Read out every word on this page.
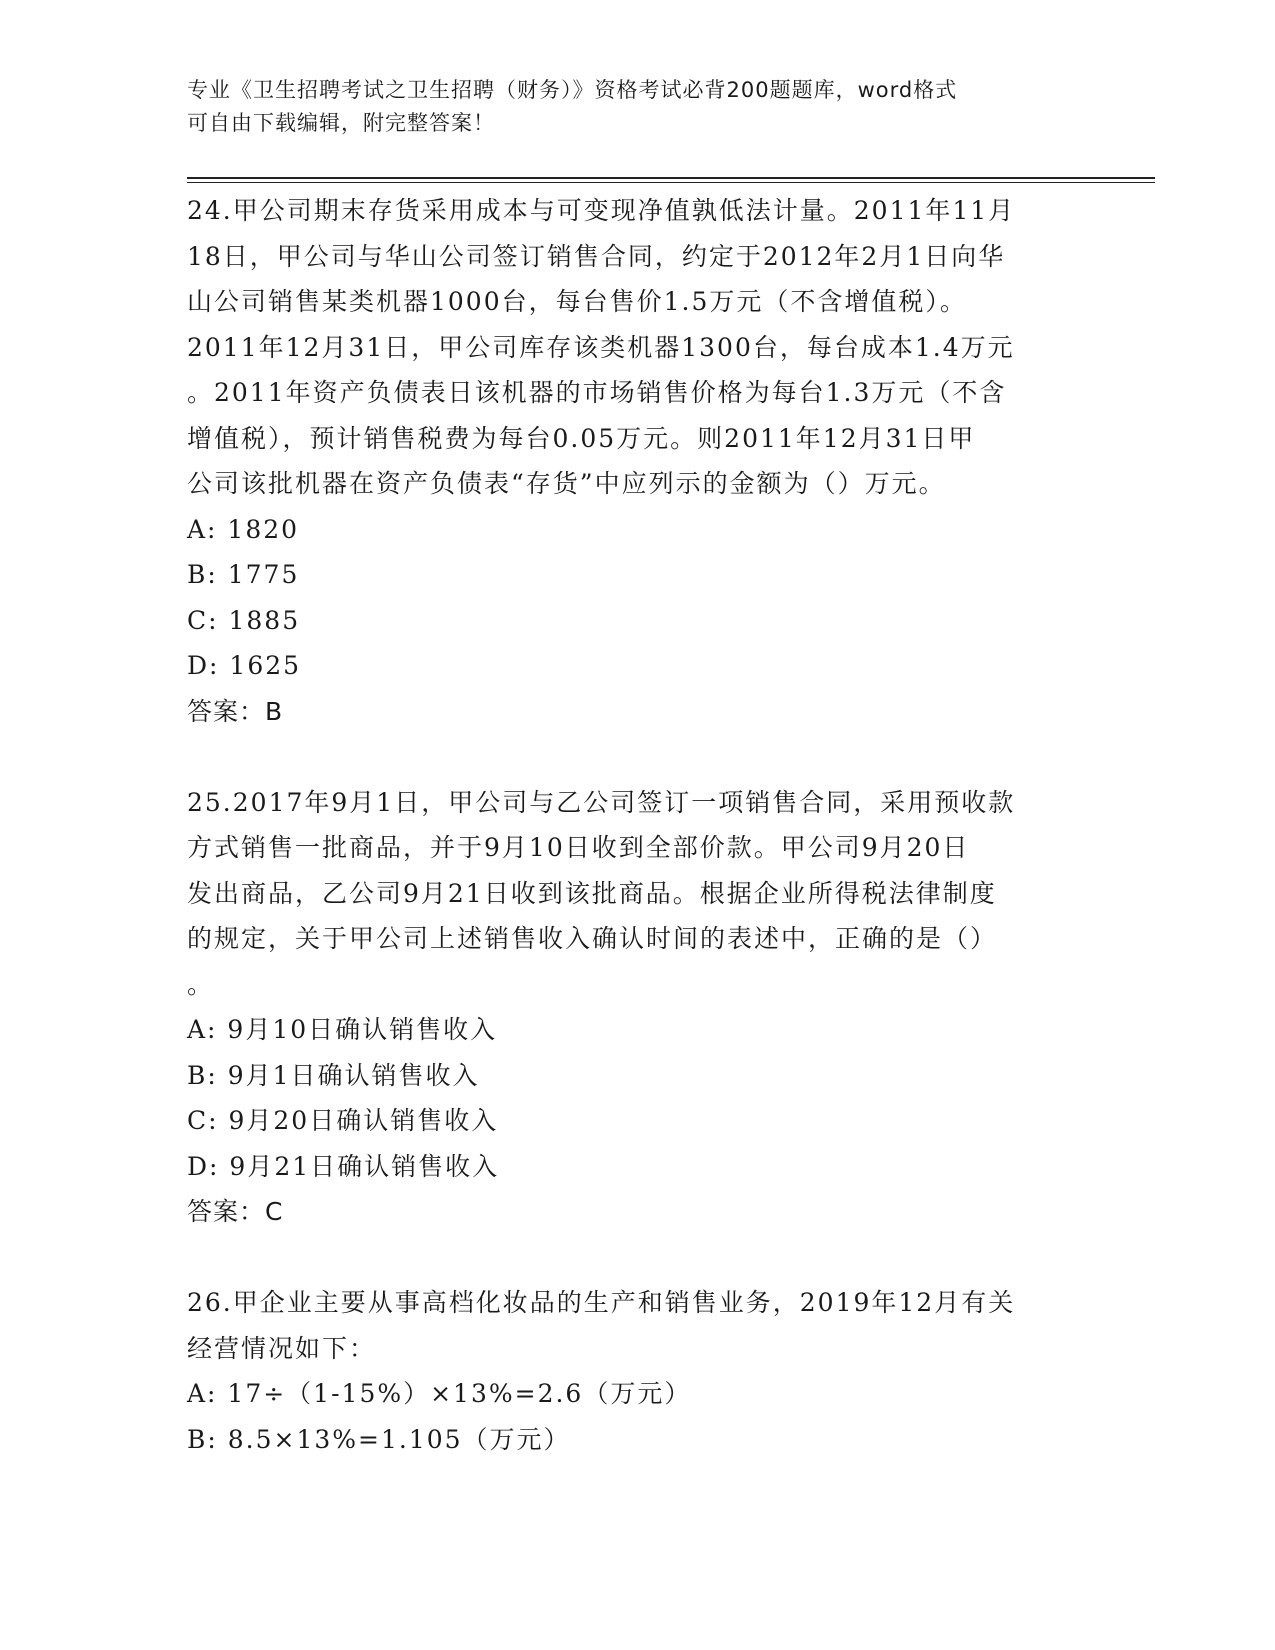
专业《卫生招聘考试之卫生招聘（财务）》资格考试必背200题题库，word格式
可自由下载编辑，附完整答案！

24.甲公司期末存货采用成本与可变现净值孰低法计量。2011年11月

18日，甲公司与华山公司签订销售合同，约定于2012年2月1日向华

山公司销售某类机器1000台，每台售价1.5万元（不含增值税）。

2011年12月31日，甲公司库存该类机器1300台，每台成本1.4万元

。2011年资产负债表日该机器的市场销售价格为每台1.3万元（不含

增值税），预计销售税费为每台0.05万元。则2011年12月31日甲

公司该批机器在资产负债表“存货”中应列示的金额为（）万元。

A: 1820

B: 1775

C: 1885

D: 1625

答案：B

25.2017年9月1日，甲公司与乙公司签订一项销售合同，采用预收款

方式销售一批商品，并于9月10日收到全部价款。甲公司9月20日

发出商品，乙公司9月21日收到该批商品。根据企业所得税法律制度

的规定，关于甲公司上述销售收入确认时间的表述中，正确的是（）

。

A: 9月10日确认销售收入

B: 9月1日确认销售收入

C: 9月20日确认销售收入

D: 9月21日确认销售收入

答案：C

26.甲企业主要从事高档化妆品的生产和销售业务，2019年12月有关

经营情况如下：

A: 17÷（1-15%）×13%=2.6（万元）

B: 8.5×13%=1.105（万元）
